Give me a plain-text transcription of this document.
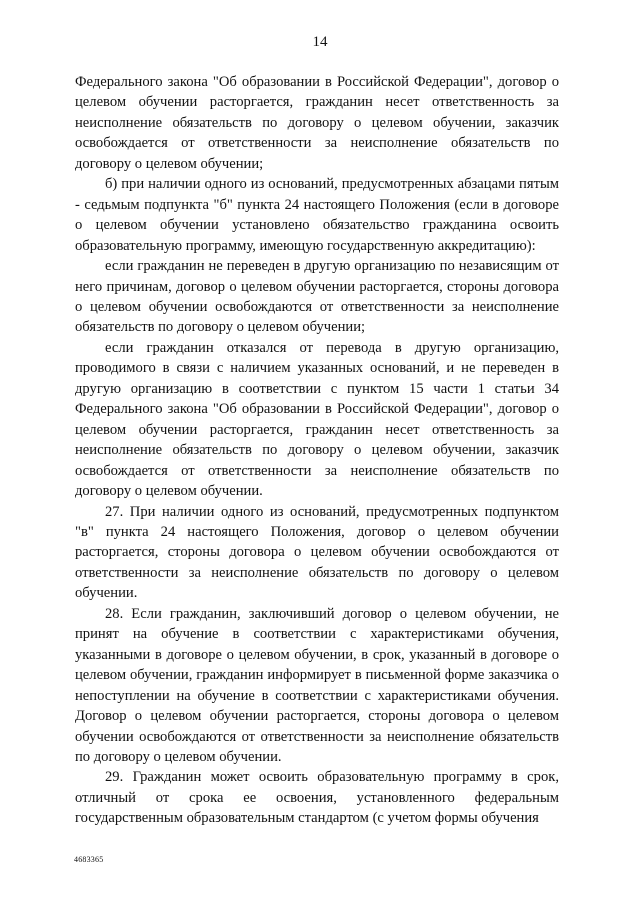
14

Федерального закона "Об образовании в Российской Федерации", договор о целевом обучении расторгается, гражданин несет ответственность за неисполнение обязательств по договору о целевом обучении, заказчик освобождается от ответственности за неисполнение обязательств по договору о целевом обучении;

б) при наличии одного из оснований, предусмотренных абзацами пятым - седьмым подпункта "б" пункта 24 настоящего Положения (если в договоре о целевом обучении установлено обязательство гражданина освоить образовательную программу, имеющую государственную аккредитацию):

если гражданин не переведен в другую организацию по независящим от него причинам, договор о целевом обучении расторгается, стороны договора о целевом обучении освобождаются от ответственности за неисполнение обязательств по договору о целевом обучении;

если гражданин отказался от перевода в другую организацию, проводимого в связи с наличием указанных оснований, и не переведен в другую организацию в соответствии с пунктом 15 части 1 статьи 34 Федерального закона "Об образовании в Российской Федерации", договор о целевом обучении расторгается, гражданин несет ответственность за неисполнение обязательств по договору о целевом обучении, заказчик освобождается от ответственности за неисполнение обязательств по договору о целевом обучении.

27. При наличии одного из оснований, предусмотренных подпунктом "в" пункта 24 настоящего Положения, договор о целевом обучении расторгается, стороны договора о целевом обучении освобождаются от ответственности за неисполнение обязательств по договору о целевом обучении.

28. Если гражданин, заключивший договор о целевом обучении, не принят на обучение в соответствии с характеристиками обучения, указанными в договоре о целевом обучении, в срок, указанный в договоре о целевом обучении, гражданин информирует в письменной форме заказчика о непоступлении на обучение в соответствии с характеристиками обучения. Договор о целевом обучении расторгается, стороны договора о целевом обучении освобождаются от ответственности за неисполнение обязательств по договору о целевом обучении.

29. Гражданин может освоить образовательную программу в срок, отличный от срока ее освоения, установленного федеральным государственным образовательным стандартом (с учетом формы обучения

4683365
